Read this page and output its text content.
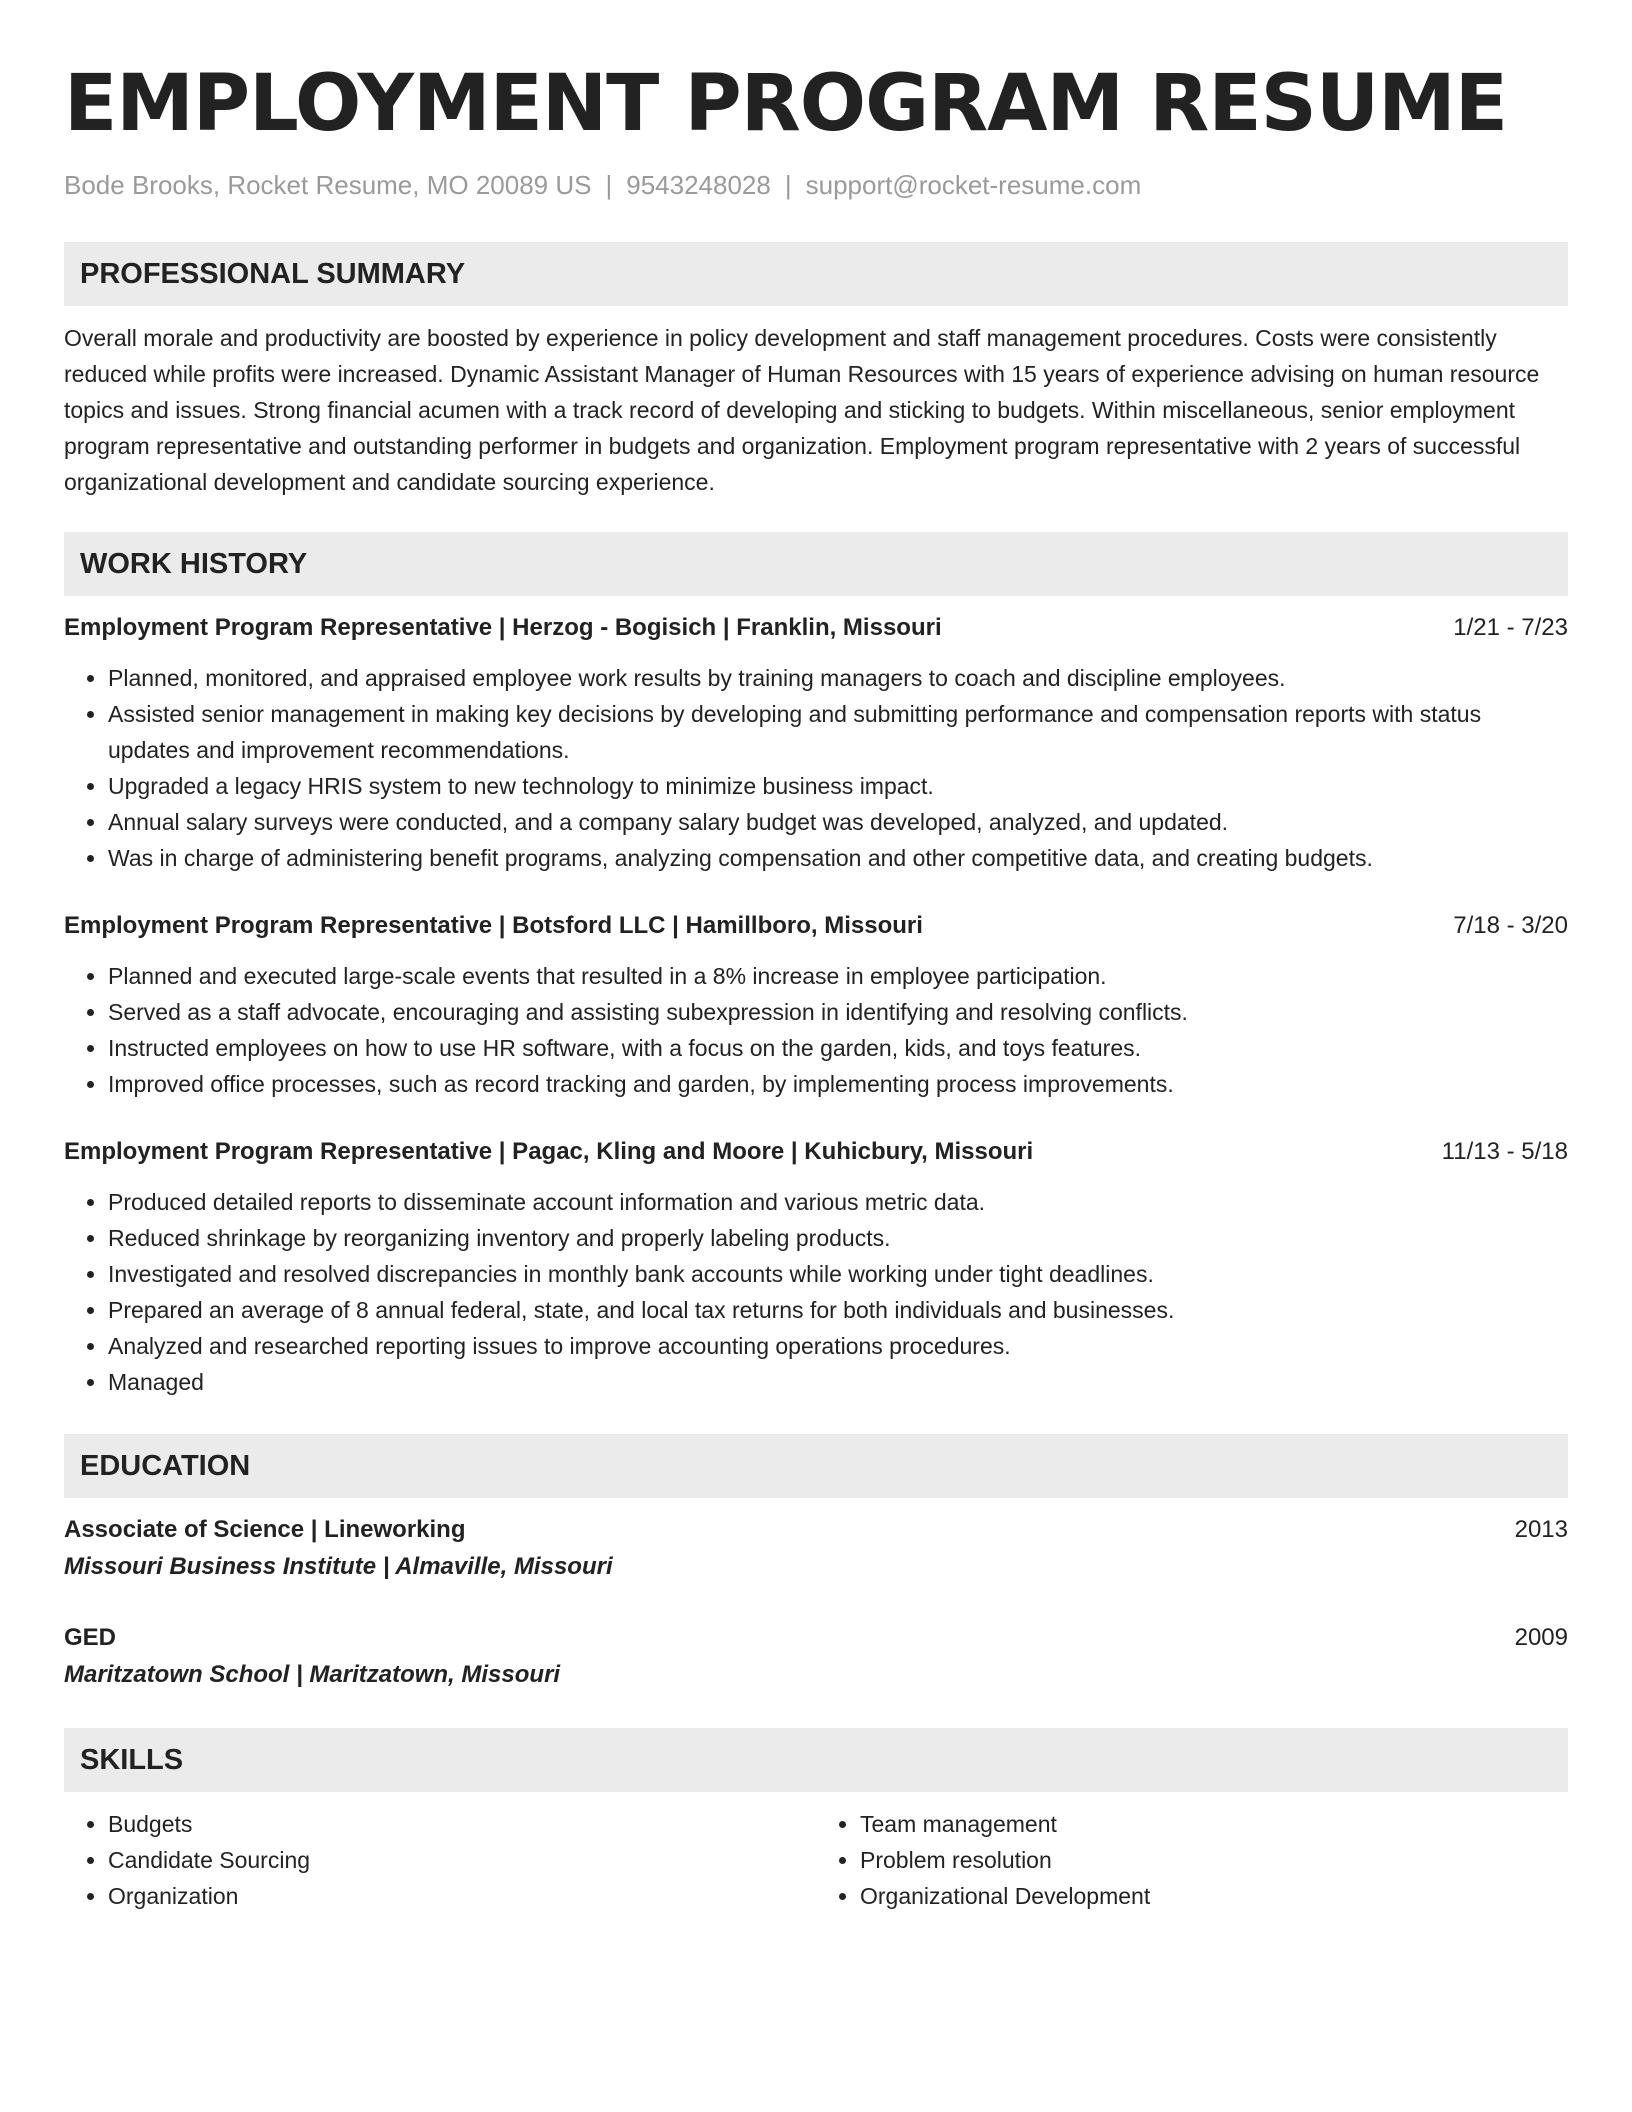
EMPLOYMENT PROGRAM RESUME
Bode Brooks, Rocket Resume, MO 20089 US | 9543248028 | support@rocket-resume.com
PROFESSIONAL SUMMARY
Overall morale and productivity are boosted by experience in policy development and staff management procedures. Costs were consistently reduced while profits were increased. Dynamic Assistant Manager of Human Resources with 15 years of experience advising on human resource topics and issues. Strong financial acumen with a track record of developing and sticking to budgets. Within miscellaneous, senior employment program representative and outstanding performer in budgets and organization. Employment program representative with 2 years of successful organizational development and candidate sourcing experience.
WORK HISTORY
Employment Program Representative | Herzog - Bogisich | Franklin, Missouri	1/21 - 7/23
• Planned, monitored, and appraised employee work results by training managers to coach and discipline employees.
• Assisted senior management in making key decisions by developing and submitting performance and compensation reports with status updates and improvement recommendations.
• Upgraded a legacy HRIS system to new technology to minimize business impact.
• Annual salary surveys were conducted, and a company salary budget was developed, analyzed, and updated.
• Was in charge of administering benefit programs, analyzing compensation and other competitive data, and creating budgets.
Employment Program Representative | Botsford LLC | Hamillboro, Missouri	7/18 - 3/20
• Planned and executed large-scale events that resulted in a 8% increase in employee participation.
• Served as a staff advocate, encouraging and assisting subexpression in identifying and resolving conflicts.
• Instructed employees on how to use HR software, with a focus on the garden, kids, and toys features.
• Improved office processes, such as record tracking and garden, by implementing process improvements.
Employment Program Representative | Pagac, Kling and Moore | Kuhicbury, Missouri	11/13 - 5/18
• Produced detailed reports to disseminate account information and various metric data.
• Reduced shrinkage by reorganizing inventory and properly labeling products.
• Investigated and resolved discrepancies in monthly bank accounts while working under tight deadlines.
• Prepared an average of 8 annual federal, state, and local tax returns for both individuals and businesses.
• Analyzed and researched reporting issues to improve accounting operations procedures.
• Managed
EDUCATION
Associate of Science | Lineworking	2013
Missouri Business Institute | Almaville, Missouri
GED	2009
Maritzatown School | Maritzatown, Missouri
SKILLS
• Budgets
• Candidate Sourcing
• Organization
• Team management
• Problem resolution
• Organizational Development
